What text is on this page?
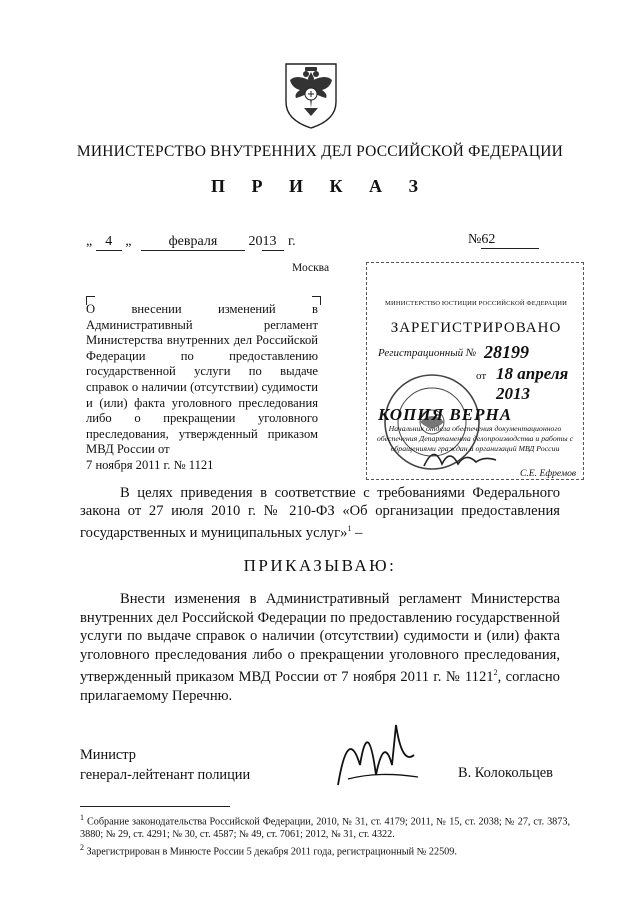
МИНИСТЕРСТВО ВНУТРЕННИХ ДЕЛ РОССИЙСКОЙ ФЕДЕРАЦИИ
П Р И К А З
„ 4 „	февраля 2013 г.	№62
Москва
О внесении изменений в Административный регламент Министерства внутренних дел Российской Федерации по предоставлению государственной услуги по выдаче справок о наличии (отсутствии) судимости и (или) факта уголовного преследования либо о прекращении уголовного преследования, утвержденный приказом МВД России от
7 ноября 2011 г. № 1121
МИНИСТЕРСТВО ЮСТИЦИИ РОССИЙСКОЙ ФЕДЕРАЦИИ
ЗАРЕГИСТРИРОВАНО
Регистрационный № 28199
от 18 апреля 2013
КОПИЯ ВЕРНА
Начальник отдела обеспечения документационного обеспечения Департамента делопроизводства и работы с обращениями граждан и организаций МВД России
С.Е. Ефремов
В целях приведения в соответствие с требованиями Федерального закона от 27 июля 2010 г. № 210-ФЗ «Об организации предоставления государственных и муниципальных услуг»$^1$ –
ПРИКАЗЫВАЮ:
Внести изменения в Административный регламент Министерства внутренних дел Российской Федерации по предоставлению государственной услуги по выдаче справок о наличии (отсутствии) судимости и (или) факта уголовного преследования либо о прекращении уголовного преследования, утвержденный приказом МВД России от 7 ноября 2011 г. № 1121$^2$, согласно прилагаемому Перечню.
Министр
генерал-лейтенант полиции	В. Колокольцев
$^1$ Собрание законодательства Российской Федерации, 2010, № 31, ст. 4179; 2011, № 15, ст. 2038; № 27, ст. 3873, 3880; № 29, ст. 4291; № 30, ст. 4587; № 49, ст. 7061; 2012, № 31, ст. 4322.
$^2$ Зарегистрирован в Минюсте России 5 декабря 2011 года, регистрационный № 22509.
